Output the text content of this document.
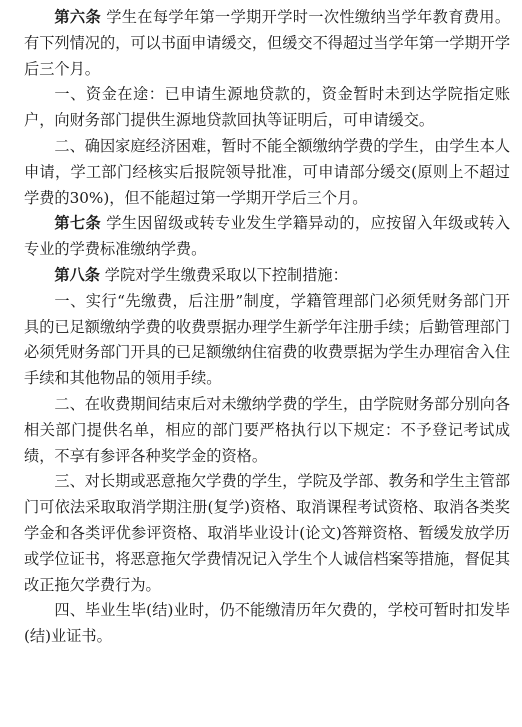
第六条 学生在每学年第一学期开学时一次性缴纳当学年教育费用。有下列情况的，可以书面申请缓交，但缓交不得超过当学年第一学期开学后三个月。

一、资金在途：已申请生源地贷款的，资金暂时未到达学院指定账户，向财务部门提供生源地贷款回执等证明后，可申请缓交。

二、确因家庭经济困难，暂时不能全额缴纳学费的学生，由学生本人申请，学工部门经核实后报院领导批准，可申请部分缓交(原则上不超过学费的30%)，但不能超过第一学期开学后三个月。

第七条 学生因留级或转专业发生学籍异动的，应按留入年级或转入专业的学费标准缴纳学费。

第八条 学院对学生缴费采取以下控制措施：

一、实行“先缴费，后注册”制度，学籍管理部门必须凭财务部门开具的已足额缴纳学费的收费票据办理学生新学年注册手续；后勤管理部门必须凭财务部门开具的已足额缴纳住宿费的收费票据为学生办理宿舍入住手续和其他物品的领用手续。

二、在收费期间结束后对未缴纳学费的学生，由学院财务部分别向各相关部门提供名单，相应的部门要严格执行以下规定：不予登记考试成绩，不享有参评各种奖学金的资格。

三、对长期或恶意拖欠学费的学生，学院及学部、教务和学生主管部门可依法采取取消学期注册(复学)资格、取消课程考试资格、取消各类奖学金和各类评优参评资格、取消毕业设计(论文)答辩资格、暂缓发放学历或学位证书，将恶意拖欠学费情况记入学生个人诚信档案等措施，督促其改正拖欠学费行为。

四、毕业生毕(结)业时，仍不能缴清历年欠费的，学校可暂时扣发毕(结)业证书。
